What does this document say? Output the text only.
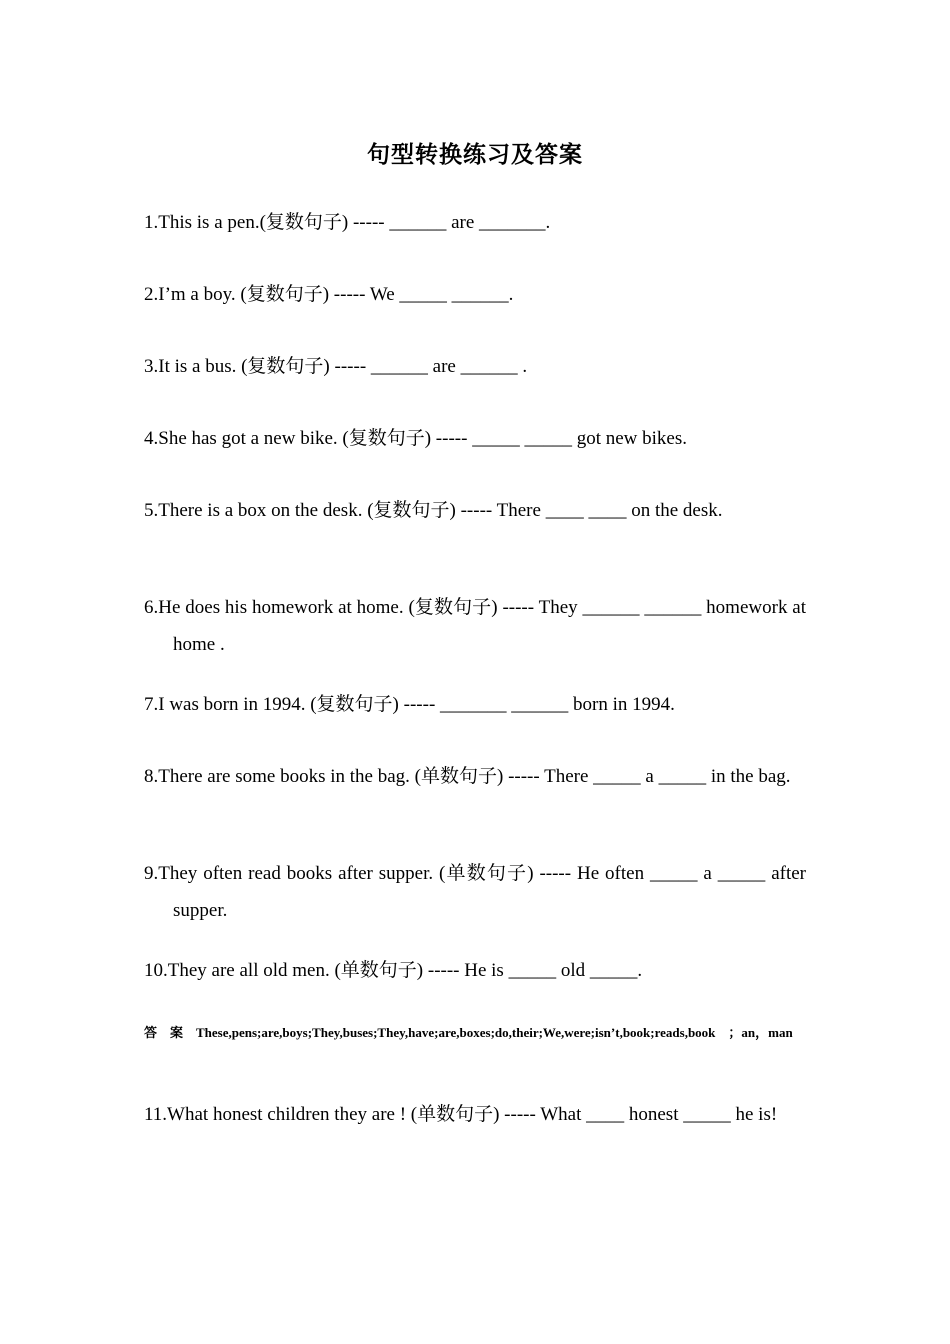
句型转换练习及答案
1.This is a pen.(复数句子) ----- ______ are _______.
2.I’m a boy. (复数句子) ----- We _____ ______.
3.It is a bus. (复数句子) ----- ______ are ______ .
4.She has got a new bike. (复数句子) ----- _____ _____ got new bikes.
5.There is a box on the desk. (复数句子) ----- There ____ ____ on the desk.
6.He does his homework at home. (复数句子) ----- They ______ ______ homework at home .
7.I was born in 1994. (复数句子) ----- _______ ______ born in 1994.
8.There are some books in the bag. (单数句子) ----- There _____ a _____ in the bag.
9.They often read books after supper. (单数句子) ----- He often _____ a _____ after supper.
10.They are all old men. (单数句子) ----- He is _____ old _____.
答　案　These,pens;are,boys;They,buses;They,have;are,boxes;do,their;We,were;isn’t,book;reads,book　；an，man
11.What honest children they are ! (单数句子) ----- What ____ honest _____ he is!
